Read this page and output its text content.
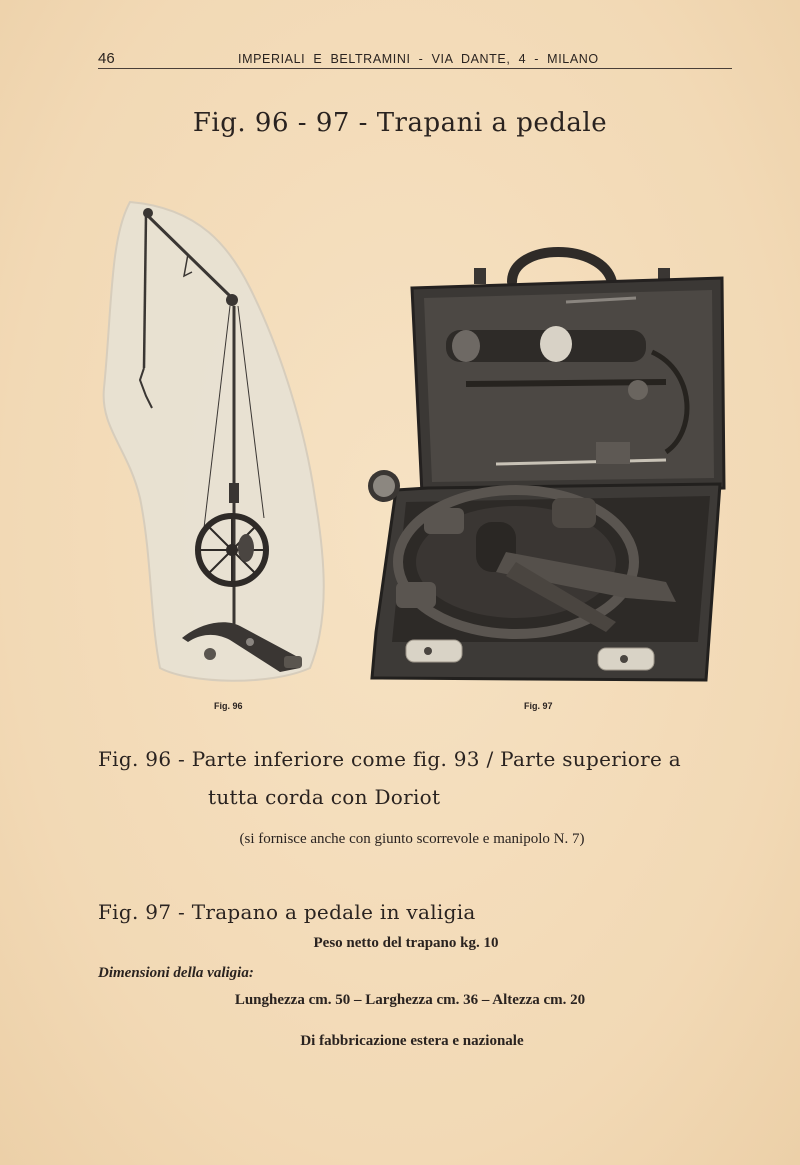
46	IMPERIALI  E  BELTRAMINI  -  VIA  DANTE,  4  -  MILANO
Fig. 96 - 97 - Trapani a pedale
Fig. 96	Fig. 97
Fig. 96 - Parte inferiore come fig. 93 / Parte superiore a
tutta corda con Doriot
(si fornisce anche con giunto scorrevole e manipolo N. 7)
Fig. 97 - Trapano a pedale in valigia
Peso netto del trapano kg. 10
Dimensioni della valigia:
Lunghezza cm. 50 – Larghezza cm. 36 – Altezza cm. 20
Di fabbricazione estera e nazionale
